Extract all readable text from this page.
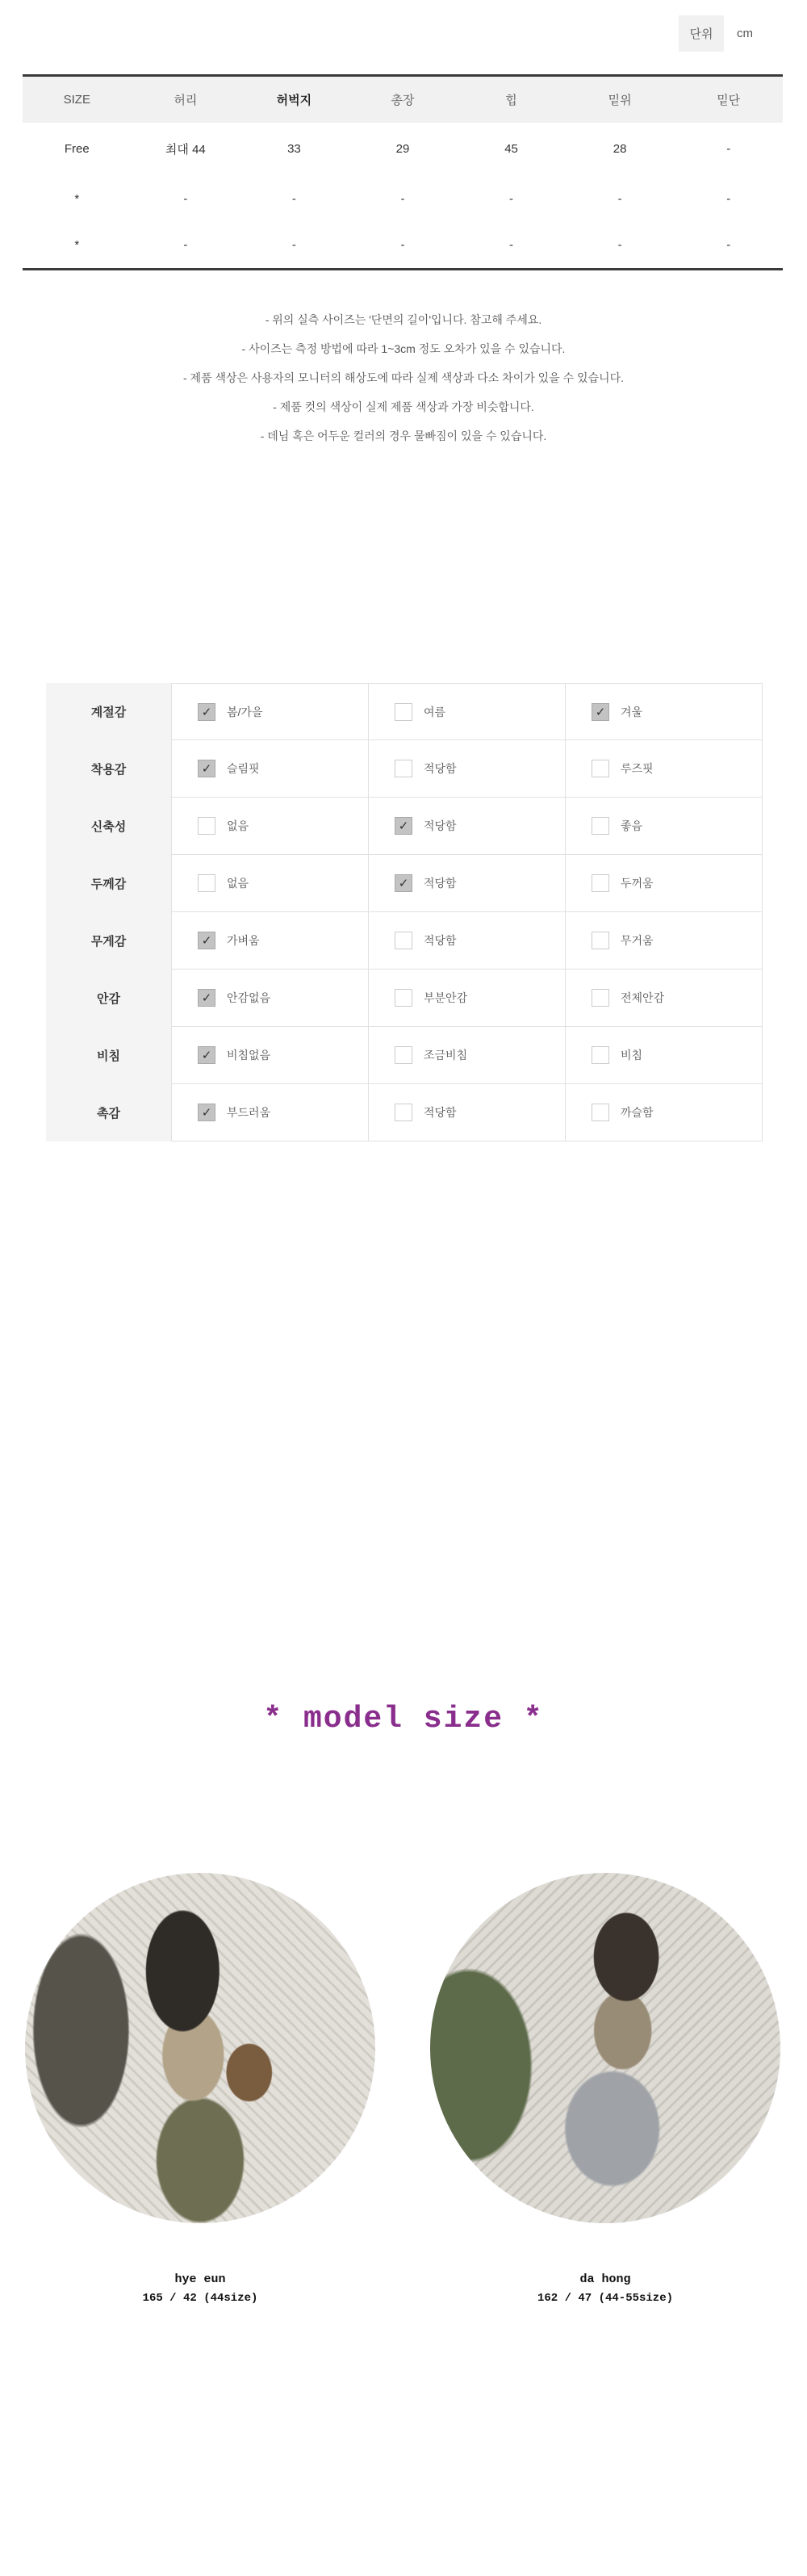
단위	cm
SIZE	허리	허벅지	총장	힙	밑위	밑단
Free	최대 44	33	29	45	28	-
*	-	-	-	-	-	-
*	-	-	-	-	-	-
- 위의 실측 사이즈는 '단면의 길이'입니다. 참고해 주세요.
- 사이즈는 측정 방법에 따라 1~3cm 정도 오차가 있을 수 있습니다.
- 제품 색상은 사용자의 모니터의 해상도에 따라 실제 색상과 다소 차이가 있을 수 있습니다.
- 제품 컷의 색상이 실제 제품 색상과 가장 비슷합니다.
- 데님 혹은 어두운 컬러의 경우 물빠짐이 있을 수 있습니다.
계절감 ✓	봄/가을 ✓	여름 ✓	겨울
착용감 ✓	슬림핏 ✓	적당함 ✓	루즈핏
신축성 ✓	없음 ✓	적당함 ✓	좋음
두께감 ✓	없음 ✓	적당함 ✓	두꺼움
무게감 ✓	가벼움 ✓	적당함 ✓	무거움
안감 ✓	안감없음 ✓	부분안감 ✓	전체안감
비침 ✓	비침없음 ✓	조금비침 ✓	비침
촉감 ✓	부드러움 ✓	적당함 ✓	까슬함
* model size *
hye eun
165 / 42 (44size)
da hong
162 / 47 (44-55size)
